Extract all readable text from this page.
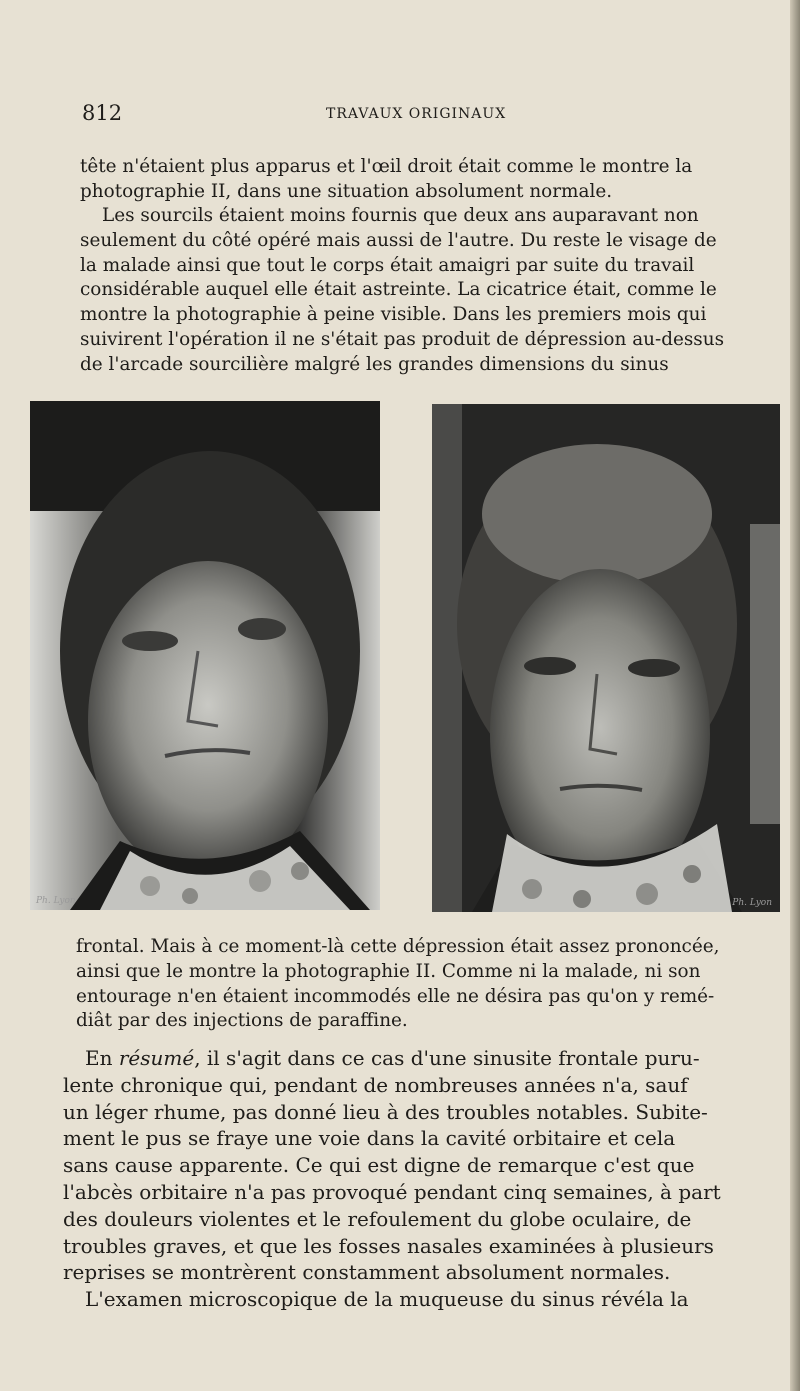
812	TRAVAUX ORIGINAUX

tête n'étaient plus apparus et l'œil droit était comme le montre la
photographie II, dans une situation absolument normale.

Les sourcils étaient moins fournis que deux ans auparavant non
seulement du côté opéré mais aussi de l'autre. Du reste le visage de
la malade ainsi que tout le corps était amaigri par suite du travail
considérable auquel elle était astreinte. La cicatrice était, comme le
montre la photographie à peine visible. Dans les premiers mois qui
suivirent l'opération il ne s'était pas produit de dépression au-dessus
de l'arcade sourcilière malgré les grandes dimensions du sinus

Ph. Lyon	Ph. Lyon

frontal. Mais à ce moment-là cette dépression était assez prononcée,
ainsi que le montre la photographie II. Comme ni la malade, ni son
entourage n'en étaient incommodés elle ne désira pas qu'on y remé-
diât par des injections de paraffine.

En résumé, il s'agit dans ce cas d'une sinusite frontale puru-
lente chronique qui, pendant de nombreuses années n'a, sauf
un léger rhume, pas donné lieu à des troubles notables. Subite-
ment le pus se fraye une voie dans la cavité orbitaire et cela
sans cause apparente. Ce qui est digne de remarque c'est que
l'abcès orbitaire n'a pas provoqué pendant cinq semaines, à part
des douleurs violentes et le refoulement du globe oculaire, de
troubles graves, et que les fosses nasales examinées à plusieurs
reprises se montrèrent constamment absolument normales.
L'examen microscopique de la muqueuse du sinus révéla la
